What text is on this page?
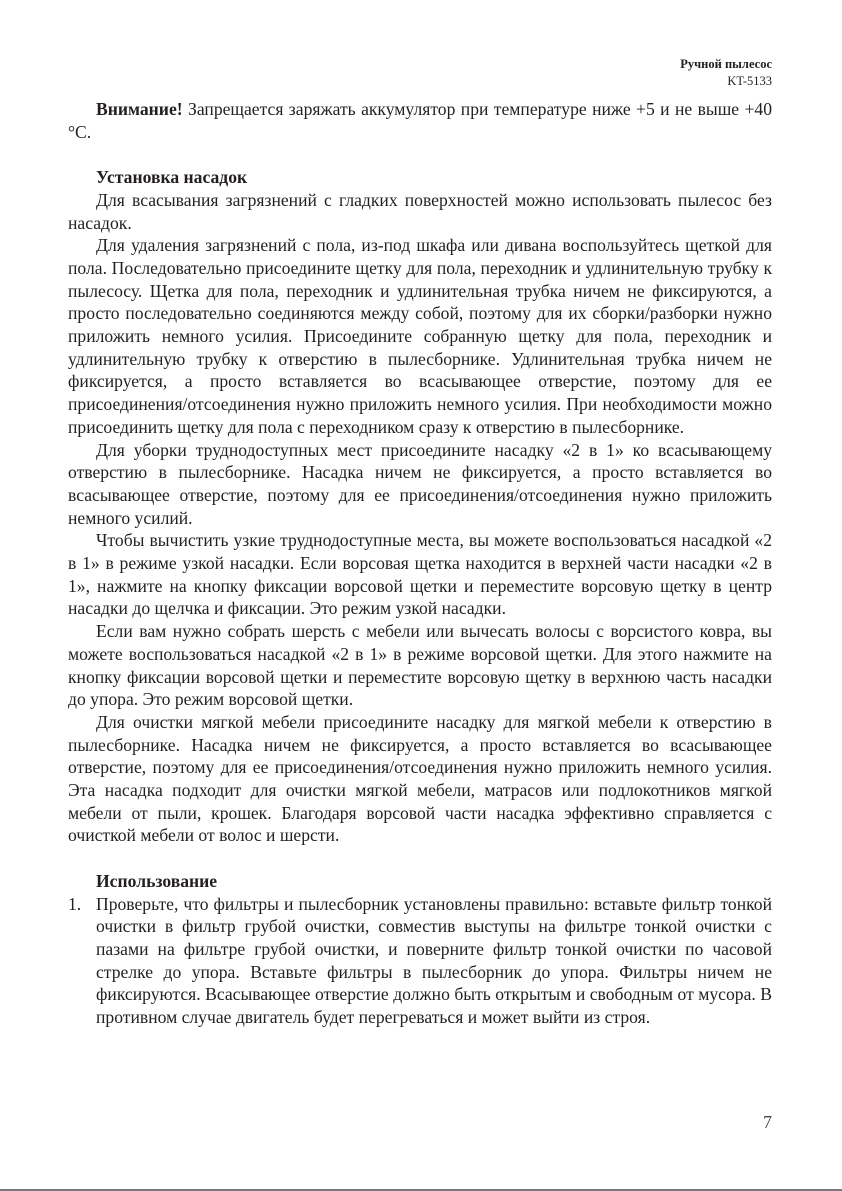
Ручной пылесос
KT-5133

Внимание! Запрещается заряжать аккумулятор при температуре ниже +5 и не выше +40 °С.

Установка насадок

Для всасывания загрязнений с гладких поверхностей можно использовать пылесос без насадок.

Для удаления загрязнений с пола, из-под шкафа или дивана воспользуйтесь щеткой для пола. Последовательно присоедините щетку для пола, переходник и удлинительную трубку к пылесосу. Щетка для пола, переходник и удлинительная трубка ничем не фиксируются, а просто последовательно соединяются между собой, поэтому для их сборки/разборки нужно приложить немного усилия. Присоедините собранную щетку для пола, переходник и удлинительную трубку к отверстию в пылесборнике. Удлинительная трубка ничем не фиксируется, а просто вставляется во всасывающее отверстие, поэтому для ее присоединения/отсоединения нужно приложить немного усилия. При необходимости можно присоединить щетку для пола с переходником сразу к отверстию в пылесборнике.

Для уборки труднодоступных мест присоедините насадку «2 в 1» ко всасывающему отверстию в пылесборнике. Насадка ничем не фиксируется, а просто вставляется во всасывающее отверстие, поэтому для ее присоединения/отсоединения нужно приложить немного усилий.

Чтобы вычистить узкие труднодоступные места, вы можете воспользоваться насадкой «2 в 1» в режиме узкой насадки. Если ворсовая щетка находится в верхней части насадки «2 в 1», нажмите на кнопку фиксации ворсовой щетки и переместите ворсовую щетку в центр насадки до щелчка и фиксации. Это режим узкой насадки.

Если вам нужно собрать шерсть с мебели или вычесать волосы с ворсистого ковра, вы можете воспользоваться насадкой «2 в 1» в режиме ворсовой щетки. Для этого нажмите на кнопку фиксации ворсовой щетки и переместите ворсовую щетку в верхнюю часть насадки до упора. Это режим ворсовой щетки.

Для очистки мягкой мебели присоедините насадку для мягкой мебели к отверстию в пылесборнике. Насадка ничем не фиксируется, а просто вставляется во всасывающее отверстие, поэтому для ее присоединения/отсоединения нужно приложить немного усилия. Эта насадка подходит для очистки мягкой мебели, матрасов или подлокотников мягкой мебели от пыли, крошек. Благодаря ворсовой части насадка эффективно справляется с очисткой мебели от волос и шерсти.

Использование
1. Проверьте, что фильтры и пылесборник установлены правильно: вставьте фильтр тонкой очистки в фильтр грубой очистки, совместив выступы на фильтре тонкой очистки с пазами на фильтре грубой очистки, и поверните фильтр тонкой очистки по часовой стрелке до упора. Вставьте фильтры в пылесборник до упора. Фильтры ничем не фиксируются. Всасывающее отверстие должно быть открытым и свободным от мусора. В противном случае двигатель будет перегреваться и может выйти из строя.
7
